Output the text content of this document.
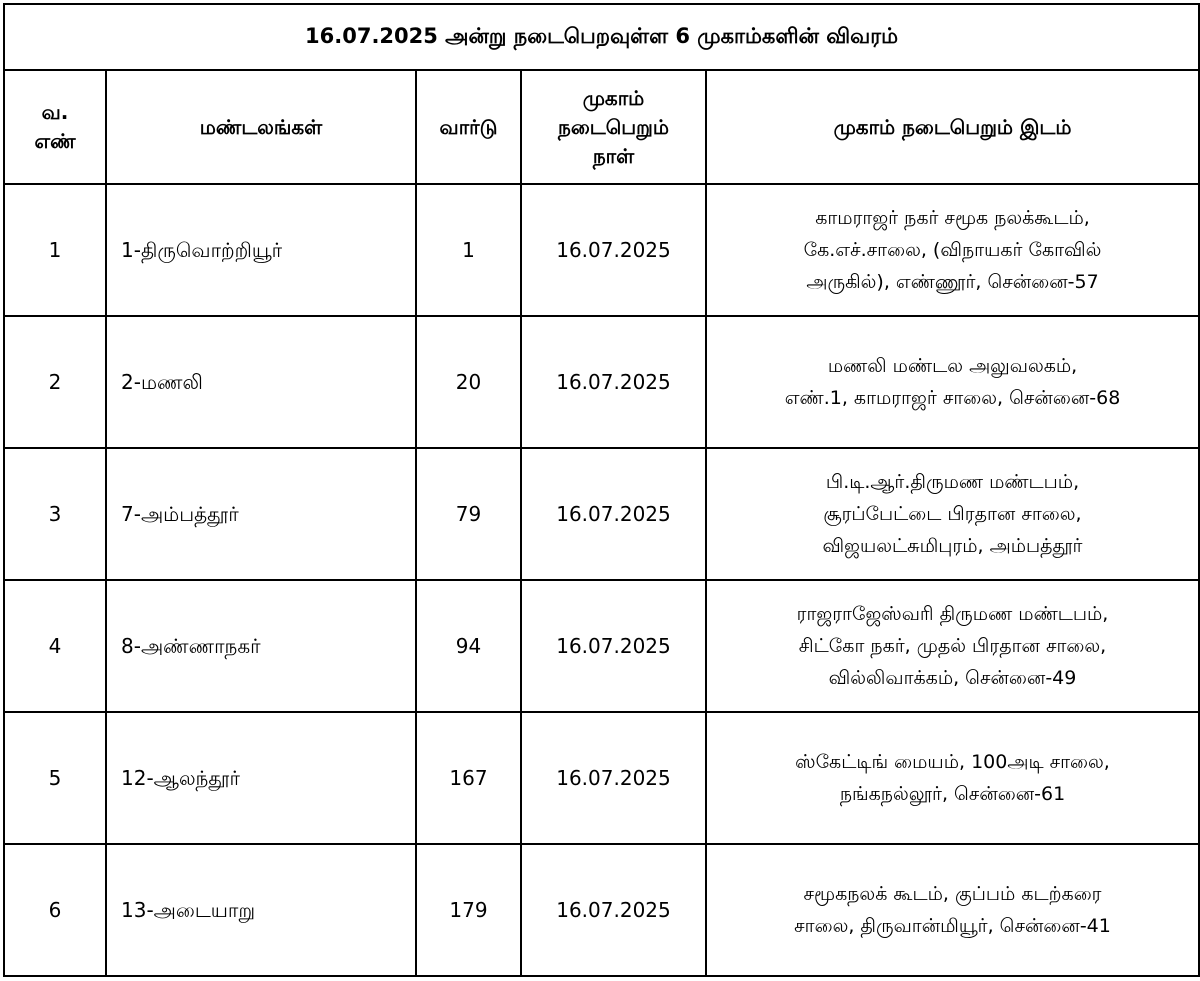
16.07.2025 அன்று நடைபெறவுள்ள 6 முகாம்களின் விவரம்				

வ.
எண்	மண்டலங்கள்	வார்டு	முகாம்
நடைபெறும்
நாள்	முகாம் நடைபெறும் இடம்
1	1-திருவொற்றியூர்	1	16.07.2025	காமராஜர் நகர் சமூக நலக்கூடம்,
கே.எச்.சாலை, (விநாயகர் கோவில்
அருகில்), எண்ணூர், சென்னை-57

2	2-மணலி	20	16.07.2025	மணலி மண்டல அலுவலகம்,
எண்.1, காமராஜர் சாலை, சென்னை-68

3	7-அம்பத்தூர்	79	16.07.2025	பி.டி.ஆர்.திருமண மண்டபம்,
சூரப்பேட்டை பிரதான சாலை,
விஜயலட்சுமிபுரம், அம்பத்தூர்

4	8-அண்ணாநகர்	94	16.07.2025	ராஜராஜேஸ்வரி திருமண மண்டபம்,
சிட்கோ நகர், முதல் பிரதான சாலை,
வில்லிவாக்கம், சென்னை-49

5	12-ஆலந்தூர்	167	16.07.2025	ஸ்கேட்டிங் மையம், 100அடி சாலை,
நங்கநல்லூர், சென்னை-61

6	13-அடையாறு	179	16.07.2025	சமூகநலக் கூடம், குப்பம் கடற்கரை
சாலை, திருவான்மியூர், சென்னை-41
